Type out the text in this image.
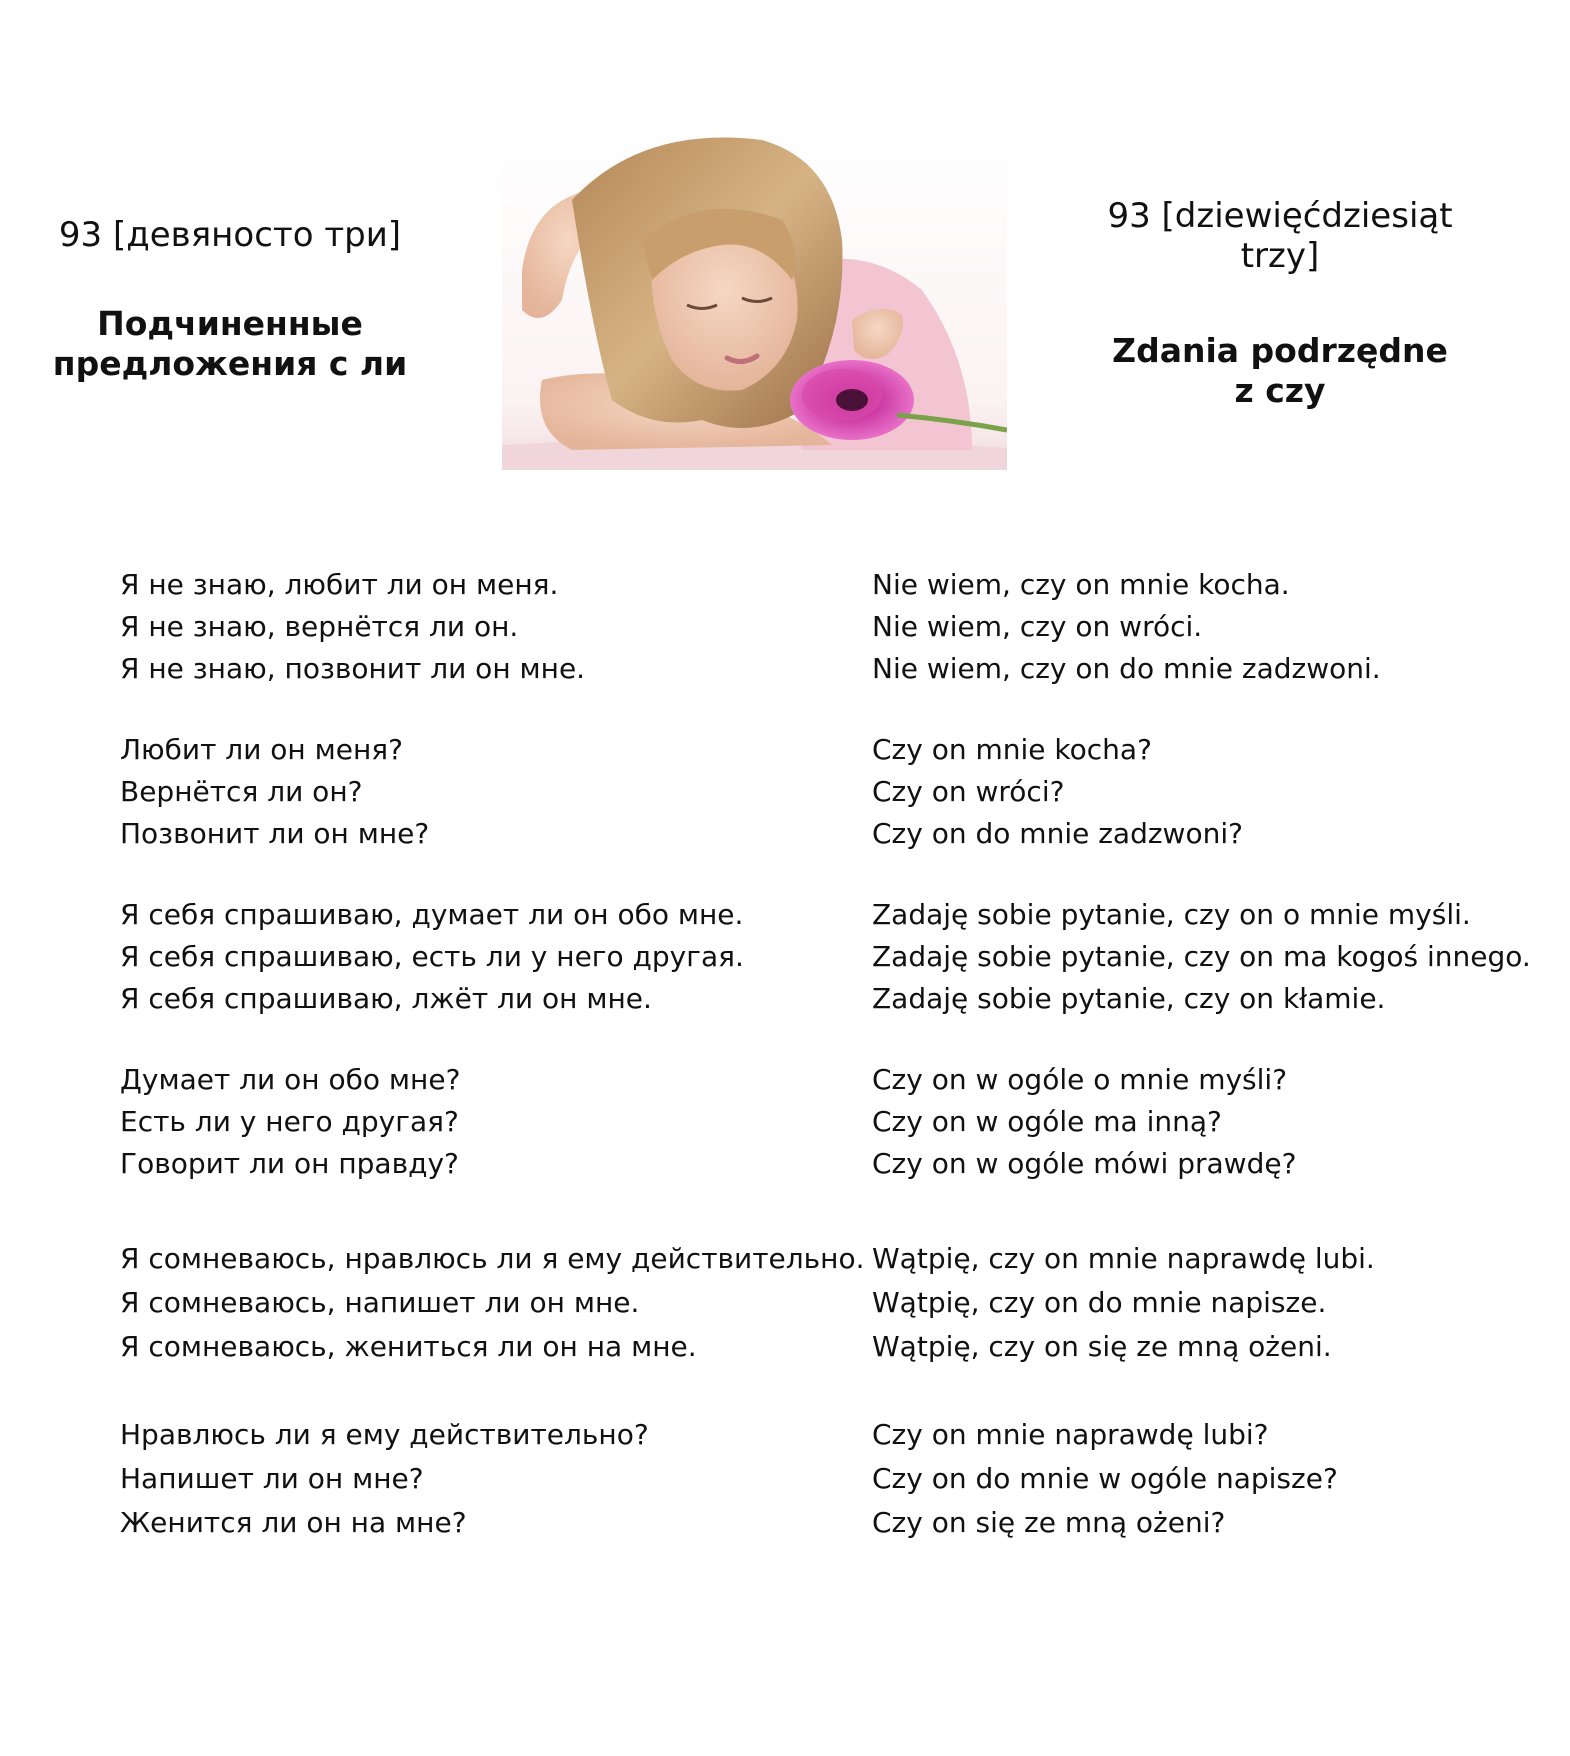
93 [девяносто три]

Подчиненные
предложения с ли

93 [dziewięćdziesiąt
trzy]

Zdania podrzędne
z czy

Я не знаю, любит ли он меня.
Я не знаю, вернётся ли он.
Я не знаю, позвонит ли он мне.
Любит ли он меня?
Вернётся ли он?
Позвонит ли он мне?
Я себя спрашиваю, думает ли он обо мне.
Я себя спрашиваю, есть ли у него другая.
Я себя спрашиваю, лжёт ли он мне.
Думает ли он обо мне?
Есть ли у него другая?
Говорит ли он правду?
Я сомневаюсь, нравлюсь ли я ему действительно.
Я сомневаюсь, напишет ли он мне.
Я сомневаюсь, жениться ли он на мне.
Нравлюсь ли я ему действительно?
Напишет ли он мне?
Женится ли он на мне?
Nie wiem, czy on mnie kocha.
Nie wiem, czy on wróci.
Nie wiem, czy on do mnie zadzwoni.
Czy on mnie kocha?
Czy on wróci?
Czy on do mnie zadzwoni?
Zadaję sobie pytanie, czy on o mnie myśli.
Zadaję sobie pytanie, czy on ma kogoś innego.
Zadaję sobie pytanie, czy on kłamie.
Czy on w ogóle o mnie myśli?
Czy on w ogóle ma inną?
Czy on w ogóle mówi prawdę?
Wątpię, czy on mnie naprawdę lubi.
Wątpię, czy on do mnie napisze.
Wątpię, czy on się ze mną ożeni.
Czy on mnie naprawdę lubi?
Czy on do mnie w ogóle napisze?
Czy on się ze mną ożeni?
